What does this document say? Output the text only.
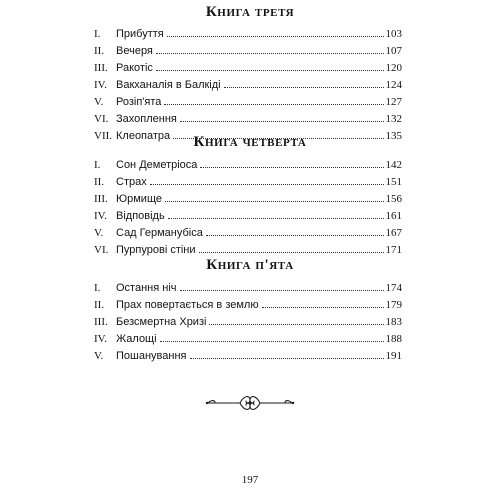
Книга третя
I.	Прибуття	103
II.	Вечеря	107
III. Ракотіс	120
IV. Вакханалія в Балкіді	124
V.	Розіп'ята	127
VI. Захоплення	132
VII. Клеопатра	135
Книга четверта
I.	Сон Деметріоса	142
II.	Страх	151
III. Юрмище	156
IV. Відповідь	161
V.	Сад Германубіса	167
VI. Пурпурові стіни	171
Книга п'ята
I.	Остання ніч	174
II.	Прах повертається в землю	179
III. Безсмертна Хризі	183
IV. Жалощі	188
V.	Пошанування	191
197
